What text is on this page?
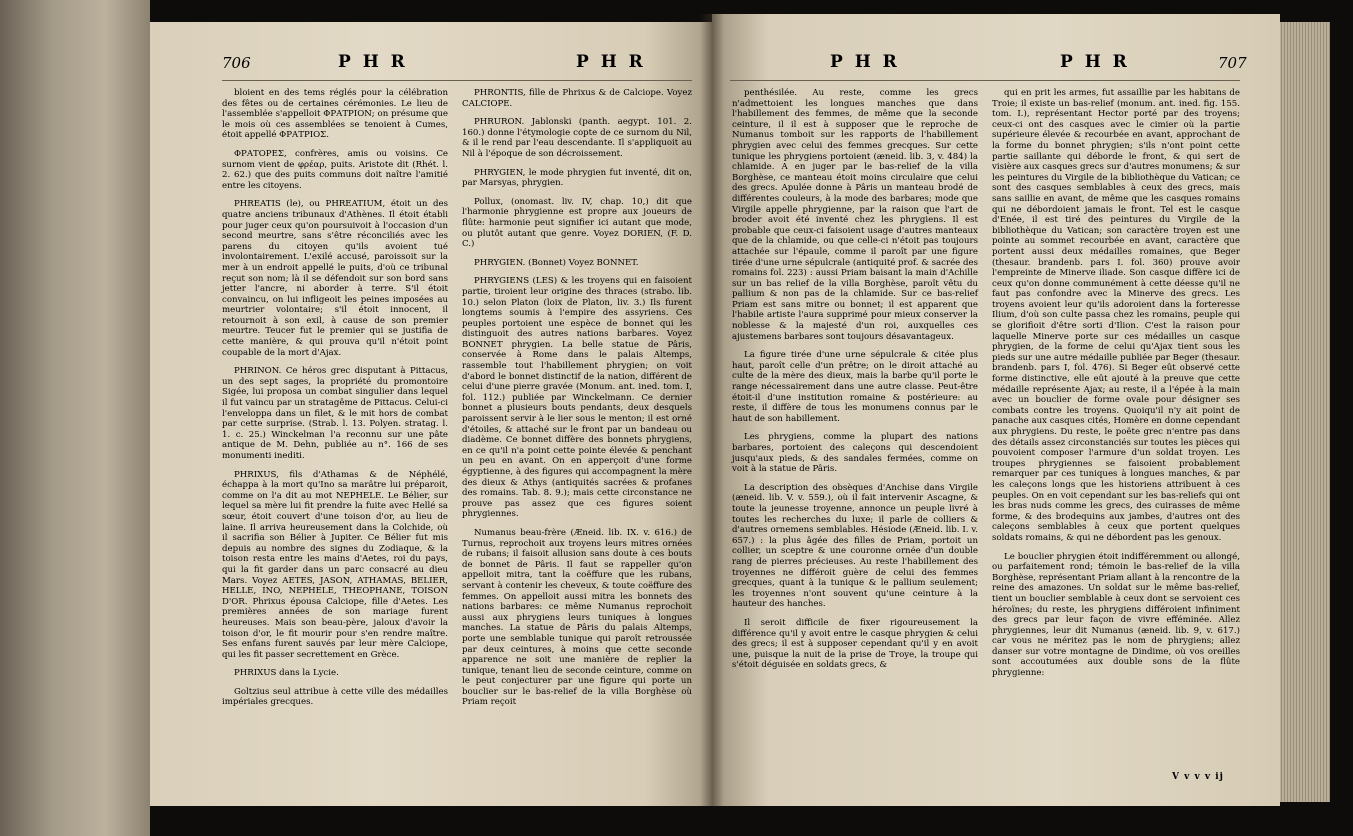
706	P H R	P H R	P H R	P H R	707

bloient en des tems réglés pour la célébration des fêtes ou de certaines cérémonies. Le lieu de l'assemblée s'appelloit ΦΡΑΤΡΙΟΝ; on présume que le mois où ces assemblées se tenoient à Cumes, étoit appellé ΦΡΑΤΡΙΟΣ.

ΦΡΑΤΟΡΕΣ, confrères, amis ou voisins. Ce surnom vient de φρέαρ, puits. Aristote dit (Rhét. l. 2. 62.) que des puits communs doit naître l'amitié entre les citoyens.

PHREATIS (le), ou PHREATIUM, étoit un des quatre anciens tribunaux d'Athènes. Il étoit établi pour juger ceux qu'on poursuivoit à l'occasion d'un second meurtre, sans s'être réconciliés avec les parens du citoyen qu'ils avoient tué involontairement. L'exilé accusé, paroissoit sur la mer à un endroit appellé le puits, d'où ce tribunal reçut son nom; là il se défendoit sur son bord sans jetter l'ancre, ni aborder à terre. S'il étoit convaincu, on lui infligeoit les peines imposées au meurtrier volontaire; s'il étoit innocent, il retournoit à son exil, à cause de son premier meurtre. Teucer fut le premier qui se justifia de cette manière, & qui prouva qu'il n'étoit point coupable de la mort d'Ajax.

PHRINON. Ce héros grec disputant à Pittacus, un des sept sages, la propriété du promontoire Sigée, lui proposa un combat singulier dans lequel il fut vaincu par un stratagême de Pittacus. Celui-ci l'enveloppa dans un filet, & le mit hors de combat par cette surprise. (Strab. l. 13. Polyen. stratag. l. 1. c. 25.) Winckelman l'a reconnu sur une pâte antique de M. Dehn, publiée au n°. 166 de ses monumenti inediti.

PHRIXUS, fils d'Athamas & de Néphélé, échappa à la mort qu'Ino sa marâtre lui préparoit, comme on l'a dit au mot NEPHELE. Le Bélier, sur lequel sa mère lui fit prendre la fuite avec Hellé sa sœur, étoit couvert d'une toison d'or, au lieu de laine. Il arriva heureusement dans la Colchide, où il sacrifia son Bélier à Jupiter. Ce Bélier fut mis depuis au nombre des signes du Zodiaque, & la toison resta entre les mains d'Aetes, roi du pays, qui la fit garder dans un parc consacré au dieu Mars. Voyez AETES, JASON, ATHAMAS, BELIER, HELLE, INO, NEPHELE, THEOPHANE, TOISON D'OR. Phrixus épousa Calciope, fille d'Aetes. Les premières années de son mariage furent heureuses. Mais son beau-père, jaloux d'avoir la toison d'or, le fit mourir pour s'en rendre maître. Ses enfans furent sauvés par leur mère Calciope, qui les fit passer secrettement en Grèce.

PHRIXUS dans la Lycie.

Goltzius seul attribue à cette ville des médailles impériales grecques.

PHRONTIS, fille de Phrixus & de Calciope. Voyez CALCIOPE.

PHRURON. Jablonski (panth. aegypt. 101. 2. 160.) donne l'étymologie copte de ce surnom du Nil, & il le rend par l'eau descendante. Il s'appliquoit au Nil à l'époque de son décroissement.

PHRYGIEN, le mode phrygien fut inventé, dit on, par Marsyas, phrygien.

Pollux, (onomast. liv. IV, chap. 10,) dit que l'harmonie phrygienne est propre aux joueurs de flûte: harmonie peut signifier ici autant que mode, ou plutôt autant que genre. Voyez DORIEN, (F. D. C.)

PHRYGIEN. (Bonnet) Voyez BONNET.

PHRYGIENS (LES) & les troyens qui en faisoient partie, tiroient leur origine des thraces (strabo. lib. 10.) selon Platon (loix de Platon, liv. 3.) Ils furent longtems soumis à l'empire des assyriens. Ces peuples portoient une espèce de bonnet qui les distinguoit des autres nations barbares. Voyez BONNET phrygien. La belle statue de Pâris, conservée à Rome dans le palais Altemps, rassemble tout l'habillement phrygien; on voit d'abord le bonnet distinctif de la nation, différent de celui d'une pierre gravée (Monum. ant. ined. tom. I, fol. 112.) publiée par Winckelmann. Ce dernier bonnet a plusieurs bouts pendants, deux desquels paroissent servir à le lier sous le menton; il est orné d'étoiles, & attaché sur le front par un bandeau ou diadème. Ce bonnet diffère des bonnets phrygiens, en ce qu'il n'a point cette pointe élevée & penchant un peu en avant. On en apperçoit d'une forme égyptienne, à des figures qui accompagnent la mère des dieux & Athys (antiquités sacrées & profanes des romains. Tab. 8. 9.); mais cette circonstance ne prouve pas assez que ces figures soient phrygiennes.

Numanus beau-frère (Æneid. lib. IX. v. 616.) de Turnus, reprochoit aux troyens leurs mitres ornées de rubans; il faisoit allusion sans doute à ces bouts de bonnet de Pâris. Il faut se rappeller qu'on appelloit mitra, tant la coëffure que les rubans, servant à contenir les cheveux, & toute coëffure des femmes. On appelloit aussi mitra les bonnets des nations barbares: ce même Numanus reprochoit aussi aux phrygiens leurs tuniques à longues manches. La statue de Pâris du palais Altemps, porte une semblable tunique qui paroît retroussée par deux ceintures, à moins que cette seconde apparence ne soit une manière de replier la tunique, tenant lieu de seconde ceinture, comme on le peut conjecturer par une figure qui porte un bouclier sur le bas-relief de la villa Borghèse où Priam reçoit

penthésilée. Au reste, comme les grecs n'admettoient les longues manches que dans l'habillement des femmes, de même que la seconde ceinture, il il est à supposer que le reproche de Numanus tomboit sur les rapports de l'habillement phrygien avec celui des femmes grecques. Sur cette tunique les phrygiens portoient (æneid. lib. 3, v. 484) la chlamide. A en juger par le bas-relief de la villa Borghèse, ce manteau étoit moins circulaire que celui des grecs. Apulée donne à Pâris un manteau brodé de différentes couleurs, à la mode des barbares; mode que Virgile appelle phrygienne, par la raison que l'art de broder avoit été inventé chez les phrygiens. Il est probable que ceux-ci faisoient usage d'autres manteaux que de la chlamide, ou que celle-ci n'étoit pas toujours attachée sur l'épaule, comme il paroît par une figure tirée d'une urne sépulcrale (antiquité prof. & sacrée des romains fol. 223) : aussi Priam baisant la main d'Achille sur un bas relief de la villa Borghèse, paroît vêtu du pallium & non pas de la chlamide. Sur ce bas-relief Priam est sans mitre ou bonnet; il est apparent que l'habile artiste l'aura supprimé pour mieux conserver la noblesse & la majesté d'un roi, auxquelles ces ajustemens barbares sont toujours désavantageux.

La figure tirée d'une urne sépulcrale & citée plus haut, paroît celle d'un prêtre; on le diroit attaché au culte de la mère des dieux, mais la barbe qu'il porte le range nécessairement dans une autre classe. Peut-être étoit-il d'une institution romaine & postérieure: au reste, il diffère de tous les monumens connus par le haut de son habillement.

Les phrygiens, comme la plupart des nations barbares, portoient des caleçons qui descendoient jusqu'aux pieds, & des sandales fermées, comme on voit à la statue de Pâris.

La description des obsèques d'Anchise dans Virgile (æneid. lib. V. v. 559.), où il fait intervenir Ascagne, & toute la jeunesse troyenne, annonce un peuple livré à toutes les recherches du luxe; il parle de colliers & d'autres ornemens semblables. Hésiode (Æneid. lib. I. v. 657.) : la plus âgée des filles de Priam, portoit un collier, un sceptre & une couronne ornée d'un double rang de pierres précieuses. Au reste l'habillement des troyennes ne différoit guère de celui des femmes grecques, quant à la tunique & le pallium seulement; les troyennes n'ont souvent qu'une ceinture à la hauteur des hanches.

Il seroit difficile de fixer rigoureusement la différence qu'il y avoit entre le casque phrygien & celui des grecs; il est à supposer cependant qu'il y en avoit une, puisque la nuit de la prise de Troye, la troupe qui s'étoit déguisée en soldats grecs, &

qui en prit les armes, fut assaillie par les habitans de Troie; il existe un bas-relief (monum. ant. ined. fig. 155. tom. I.), représentant Hector porté par des troyens; ceux-ci ont des casques avec le cimier où la partie supérieure élevée & recourbée en avant, approchant de la forme du bonnet phrygien; s'ils n'ont point cette partie saillante qui déborde le front, & qui sert de visière aux casques grecs sur d'autres monumens; & sur les peintures du Virgile de la bibliothèque du Vatican; ce sont des casques semblables à ceux des grecs, mais sans saillie en avant, de même que les casques romains qui ne débordoient jamais le front. Tel est le casque d'Enée, il est tiré des peintures du Virgile de la bibliothèque du Vatican; son caractère troyen est une pointe au sommet recourbée en avant, caractère que portent aussi deux médailles romaines, que Beger (thesaur. brandenb. pars I. fol. 360) prouve avoir l'empreinte de Minerve iliade. Son casque diffère ici de ceux qu'on donne communément à cette déesse qu'il ne faut pas confondre avec la Minerve des grecs. Les troyens avoient leur qu'ils adoroient dans la forteresse Ilium, d'où son culte passa chez les romains, peuple qui se glorifioit d'être sorti d'Ilion. C'est la raison pour laquelle Minerve porte sur ces médailles un casque phrygien, de la forme de celui qu'Ajax tient sous les pieds sur une autre médaille publiée par Beger (thesaur. brandenb. pars I, fol. 476). Si Beger eût observé cette forme distinctive, elle eût ajouté à la preuve que cette médaille représente Ajax; au reste, il a l'épée à la main avec un bouclier de forme ovale pour désigner ses combats contre les troyens. Quoiqu'il n'y ait point de panache aux casques cités, Homère en donne cependant aux phrygiens. Du reste, le poëte grec n'entre pas dans des détails assez circonstanciés sur toutes les pièces qui pouvoient composer l'armure d'un soldat troyen. Les troupes phrygiennes se faisoient probablement remarquer par ces tuniques à longues manches, & par les caleçons longs que les historiens attribuent à ces peuples. On en voit cependant sur les bas-reliefs qui ont les bras nuds comme les grecs, des cuirasses de même forme, & des brodequins aux jambes, d'autres ont des caleçons semblables à ceux que portent quelques soldats romains, & qui ne débordent pas les genoux.

Le bouclier phrygien étoit indifféremment ou allongé, ou parfaitement rond; témoin le bas-relief de la villa Borghèse, représentant Priam allant à la rencontre de la reine des amazones. Un soldat sur le même bas-relief, tient un bouclier semblable à ceux dont se servoient ces héroïnes; du reste, les phrygiens différoient infiniment des grecs par leur façon de vivre efféminée. Allez phrygiennes, leur dit Numanus (æneid. lib. 9, v. 617.) car vous ne méritez pas le nom de phrygiens; allez danser sur votre montagne de Dindime, où vos oreilles sont accoutumées aux double sons de la flûte phrygienne:

V v v v ij
